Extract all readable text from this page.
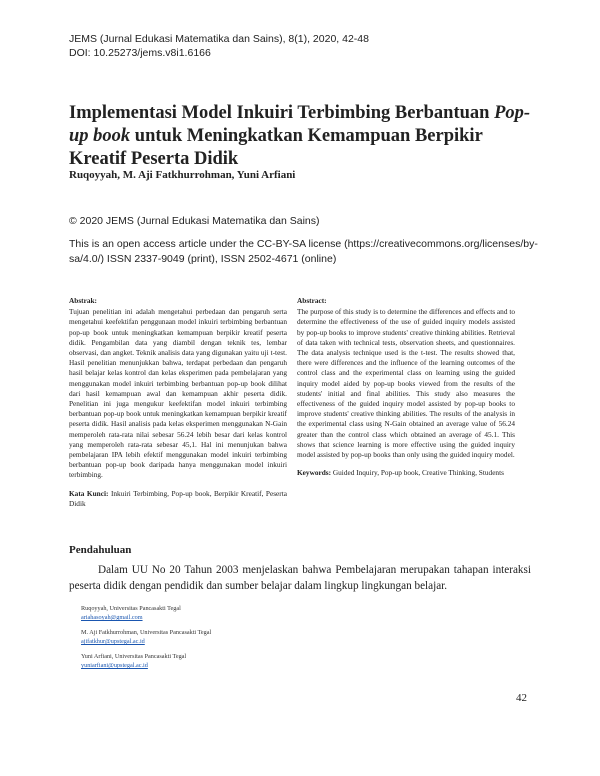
JEMS (Jurnal Edukasi Matematika dan Sains), 8(1), 2020, 42-48
DOI: 10.25273/jems.v8i1.6166
Implementasi Model Inkuiri Terbimbing Berbantuan Pop-up book untuk Meningkatkan Kemampuan Berpikir Kreatif Peserta Didik
Ruqoyyah, M. Aji Fatkhurrohman, Yuni Arfiani
© 2020 JEMS (Jurnal Edukasi Matematika dan Sains)
This is an open access article under the CC-BY-SA license (https://creativecommons.org/licenses/by-sa/4.0/) ISSN 2337-9049 (print), ISSN 2502-4671 (online)
Abstrak:
Tujuan penelitian ini adalah mengetahui perbedaan dan pengaruh serta mengetahui keefektifan penggunaan model inkuiri terbimbing berbantuan pop-up book untuk meningkatkan kemampuan berpikir kreatif peserta didik. Pengambilan data yang diambil dengan teknik tes, lembar observasi, dan angket. Teknik analisis data yang digunakan yaitu uji t-test. Hasil penelitian menunjukkan bahwa, terdapat perbedaan dan pengaruh hasil belajar kelas kontrol dan kelas eksperimen pada pembelajaran yang menggunakan model inkuiri terbimbing berbantuan pop-up book dilihat dari hasil kemampuan awal dan kemampuan akhir peserta didik. Penelitian ini juga mengukur keefektifan model inkuiri terbimbing berbantuan pop-up book untuk meningkatkan kemampuan berpikir kreatif peserta didik. Hasil analisis pada kelas eksperimen menggunakan N-Gain memperoleh rata-rata nilai sebesar 56.24 lebih besar dari kelas kontrol yang memperoleh rata-rata sebesar 45,1. Hal ini menunjukan bahwa pembelajaran IPA lebih efektif menggunakan model inkuiri terbimbing berbantuan pop-up book daripada hanya menggunakan model inkuiri terbimbing.
Kata Kunci: Inkuiri Terbimbing, Pop-up book, Berpikir Kreatif, Peserta Didik
Abstract:
The purpose of this study is to determine the differences and effects and to determine the effectiveness of the use of guided inquiry models assisted by pop-up books to improve students' creative thinking abilities. Retrieval of data taken with technical tests, observation sheets, and questionnaires. The data analysis technique used is the t-test. The results showed that, there were differences and the influence of the learning outcomes of the control class and the experimental class on learning using the guided inquiry model aided by pop-up books viewed from the results of the students' initial and final abilities. This study also measures the effectiveness of the guided inquiry model assisted by pop-up books to improve students' creative thinking abilities. The results of the analysis in the experimental class using N-Gain obtained an average value of 56.24 greater than the control class which obtained an average of 45.1. This shows that science learning is more effective using the guided inquiry model assisted by pop-up books than only using the guided inquiry model.
Keywords: Guided Inquiry, Pop-up book, Creative Thinking, Students
Pendahuluan
Dalam UU No 20 Tahun 2003 menjelaskan bahwa Pembelajaran merupakan tahapan interaksi peserta didik dengan pendidik dan sumber belajar dalam lingkup lingkungan belajar.
Ruqoyyah, Universitas Pancasakti Tegal
ariahasoyah@gmail.com
M. Aji Fatkhurrohman, Universitas Pancasakti Tegal
ajifatkhur@upstegal.ac.id
Yuni Arfiani, Universitas Pancasakti Tegal
yuniarfiani@upstegal.ac.id
42
